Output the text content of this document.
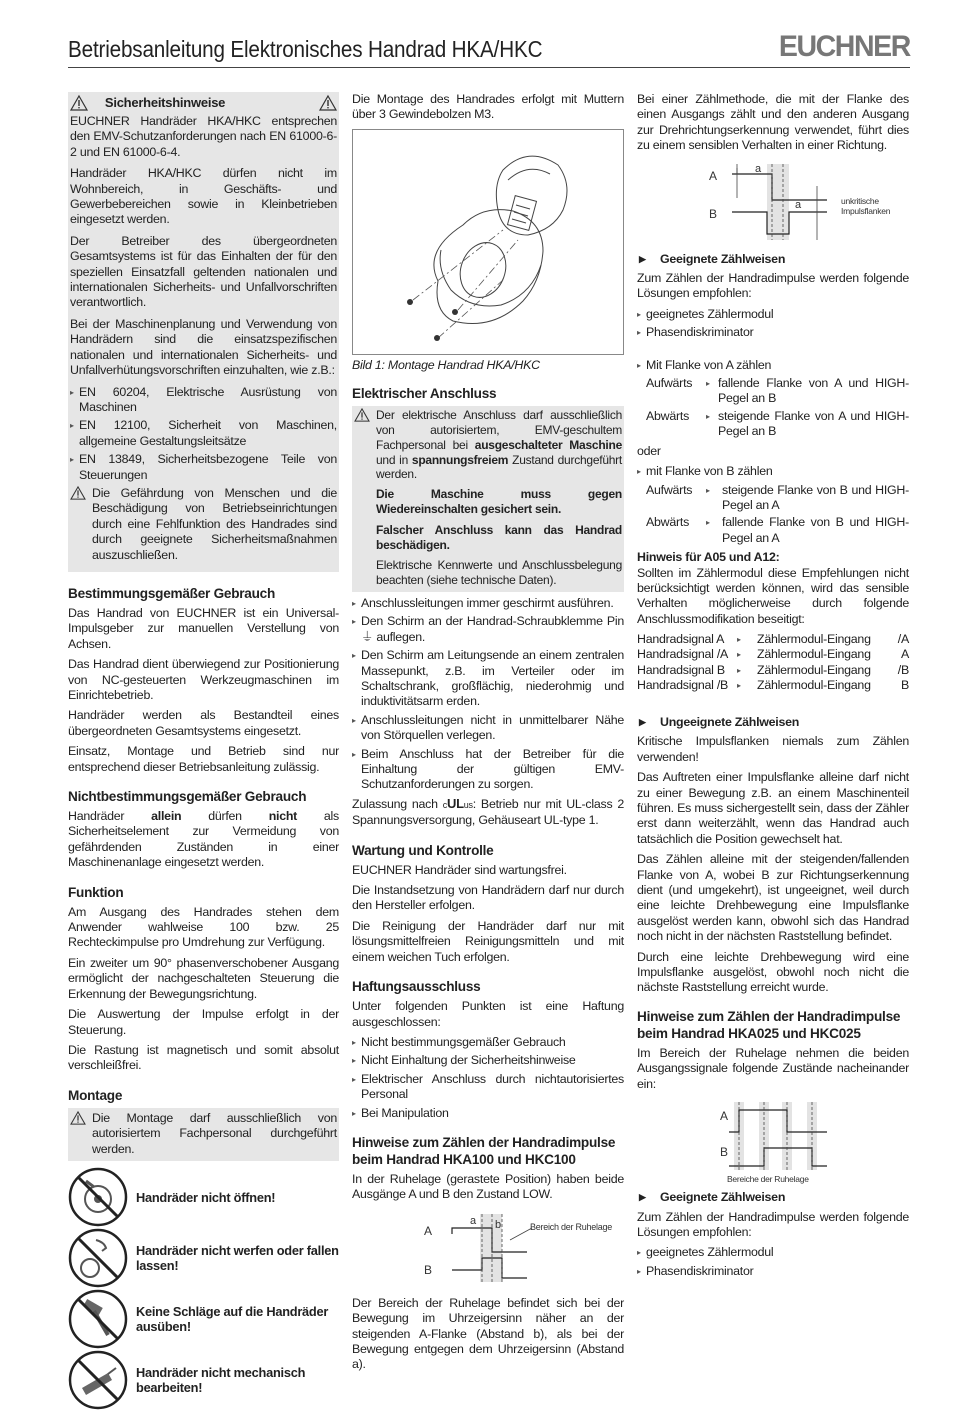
Betriebsanleitung Elektronisches Handrad HKA/HKC	EUCHNER
Sicherheitshinweise

EUCHNER Handräder HKA/HKC entsprechen den EMV-Schutzanforderungen nach EN 61000-6-2 und EN 61000-6-4.

Handräder HKA/HKC dürfen nicht im Wohnbereich, in Geschäfts- und Gewerbebereichen sowie in Kleinbetrieben eingesetzt werden.

Der Betreiber des übergeordneten Gesamtsystems ist für das Einhalten der für den speziellen Einsatzfall geltenden nationalen und internationalen Sicherheits- und Unfallvorschriften verantwortlich.

Bei der Maschinenplanung und Verwendung von Handrädern sind die einsatzspezifischen nationalen und internationalen Sicherheits- und Unfallverhütungsvorschriften einzuhalten, wie z.B.:

▸ EN 60204, Elektrische Ausrüstung von Maschinen
▸ EN 12100, Sicherheit von Maschinen, allgemeine Gestaltungsleitsätze
▸ EN 13849, Sicherheitsbezogene Teile von Steuerungen
Die Gefährdung von Menschen und die Beschädigung von Betriebseinrichtungen durch eine Fehlfunktion des Handrades sind durch geeignete Sicherheitsmaßnahmen auszuschließen.
Bestimmungsgemäßer Gebrauch

Das Handrad von EUCHNER ist ein Universal-Impulsgeber zur manuellen Verstellung von Achsen.

Das Handrad dient überwiegend zur Positionierung von NC-gesteuerten Werkzeugmaschinen im Einrichtebetrieb.

Handräder werden als Bestandteil eines übergeordneten Gesamtsystems eingesetzt.

Einsatz, Montage und Betrieb sind nur entsprechend dieser Betriebsanleitung zulässig.

Nichtbestimmungsgemäßer Gebrauch

Handräder allein dürfen nicht als Sicherheitselement zur Vermeidung von gefährdenden Zuständen in einer Maschinenanlage eingesetzt werden.

Funktion

Am Ausgang des Handrades stehen dem Anwender wahlweise 100 bzw. 25 Rechteckimpulse pro Umdrehung zur Verfügung.

Ein zweiter um 90° phasenverschobener Ausgang ermöglicht der nachgeschalteten Steuerung die Erkennung der Bewegungsrichtung.

Die Auswertung der Impulse erfolgt in der Steuerung.

Die Rastung ist magnetisch und somit absolut verschleißfrei.

Montage
Die Montage darf ausschließlich von autorisiertem Fachpersonal durchgeführt werden.
Handräder nicht öffnen!
Handräder nicht werfen oder fallen lassen!
Keine Schläge auf die Handräder ausüben!
Handräder nicht mechanisch bearbeiten!

Die Montage des Handrades erfolgt mit Muttern über 3 Gewindebolzen M3.

Bild 1: Montage Handrad HKA/HKC

Elektrischer Anschluss
Der elektrische Anschluss darf ausschließlich von autorisiertem, EMV-geschultem Fachpersonal bei ausgeschalteter Maschine und in spannungsfreiem Zustand durchgeführt werden.

Die Maschine muss gegen Wiedereinschalten gesichert sein.

Falscher Anschluss kann das Handrad beschädigen.

Elektrische Kennwerte und Anschlussbelegung beachten (siehe technische Daten).

▸ Anschlussleitungen immer geschirmt ausführen.
▸ Den Schirm an der Handrad-Schraubklemme Pin ⏚ auflegen.
▸ Den Schirm am Leitungsende an einem zentralen Massepunkt, z.B. im Verteiler oder im Schaltschrank, großflächig, niederohmig und induktivitätsarm erden.
▸ Anschlussleitungen nicht in unmittelbarer Nähe von Störquellen verlegen.
▸ Beim Anschluss hat der Betreiber für die Einhaltung der gültigen EMV-Schutzanforderungen zu sorgen.

Zulassung nach cULus: Betrieb nur mit UL-class 2 Spannungsversorgung, Gehäuseart UL-type 1.

Wartung und Kontrolle

EUCHNER Handräder sind wartungsfrei.

Die Instandsetzung von Handrädern darf nur durch den Hersteller erfolgen.

Die Reinigung der Handräder darf nur mit lösungsmittelfreien Reinigungsmitteln und mit einem weichen Tuch erfolgen.

Haftungsausschluss

Unter folgenden Punkten ist eine Haftung ausgeschlossen:

▸ Nicht bestimmungsgemäßer Gebrauch
▸ Nicht Einhaltung der Sicherheitshinweise
▸ Elektrischer Anschluss durch nichtautorisiertes Personal
▸ Bei Manipulation
Hinweise zum Zählen der Handradimpulse beim Handrad HKA100 und HKC100

In der Ruhelage (gerastete Position) haben beide Ausgänge A und B den Zustand LOW.

A
B
a b	Bereich der Ruhelage

Der Bereich der Ruhelage befindet sich bei der Bewegung im Uhrzeigersinn näher an der steigenden A-Flanke (Abstand b), als bei der Bewegung entgegen dem Uhrzeigersinn (Abstand a).

Bei einer Zählmethode, die mit der Flanke des einen Ausgangs zählt und den anderen Ausgang zur Drehrichtungserkennung verwendet, führt dies zu einem sensiblen Verhalten in einer Richtung.

A
B
a
a	unkritische
Impulsflanken
▶	Geeignete Zählweisen

Zum Zählen der Handradimpulse werden folgende Lösungen empfohlen:

▸ geeignetes Zählermodul
▸ Phasendiskriminator
▸ Mit Flanke von A zählen
Aufwärts	▸ fallende Flanke von A und HIGH-Pegel an B
Abwärts	▸ steigende Flanke von A und HIGH-Pegel an B

oder

▸ mit Flanke von B zählen
Aufwärts	▸ steigende Flanke von B und HIGH-Pegel an A
Abwärts	▸ fallende Flanke von B und HIGH-Pegel an A

Hinweis für A05 und A12:

Sollten im Zählermodul diese Empfehlungen nicht berücksichtigt werden können, wird das sensible Verhalten möglicherweise durch folgende Anschlussmodifikation beseitigt:

Handradsignal A	▸	Zählermodul-Eingang /A
Handradsignal /A	▸	Zählermodul-Eingang A
Handradsignal B	▸	Zählermodul-Eingang /B
Handradsignal /B	▸	Zählermodul-Eingang B
▶	Ungeeignete Zählweisen

Kritische Impulsflanken niemals zum Zählen verwenden!

Das Auftreten einer Impulsflanke alleine darf nicht zu einer Bewegung z.B. an einem Maschinenteil führen. Es muss sichergestellt sein, dass der Zähler erst dann weiterzählt, wenn das Handrad auch tatsächlich die Position gewechselt hat.

Das Zählen alleine mit der steigenden/fallenden Flanke von A, wobei B zur Richtungserkennung dient (und umgekehrt), ist ungeeignet, weil durch eine leichte Drehbewegung eine Impulsflanke ausgelöst werden kann, obwohl sich das Handrad noch nicht in der nächsten Raststellung befindet.

Durch eine leichte Drehbewegung wird eine Impulsflanke ausgelöst, obwohl noch nicht die nächste Raststellung erreicht wurde.

Hinweise zum Zählen der Handradimpulse beim Handrad HKA025 und HKC025

Im Bereich der Ruhelage nehmen die beiden Ausgangssignale folgende Zustände nacheinander ein:

A
B
Bereiche der Ruhelage
▶	Geeignete Zählweisen

Zum Zählen der Handradimpulse werden folgende Lösungen empfohlen:

▸ geeignetes Zählermodul
▸ Phasendiskriminator
